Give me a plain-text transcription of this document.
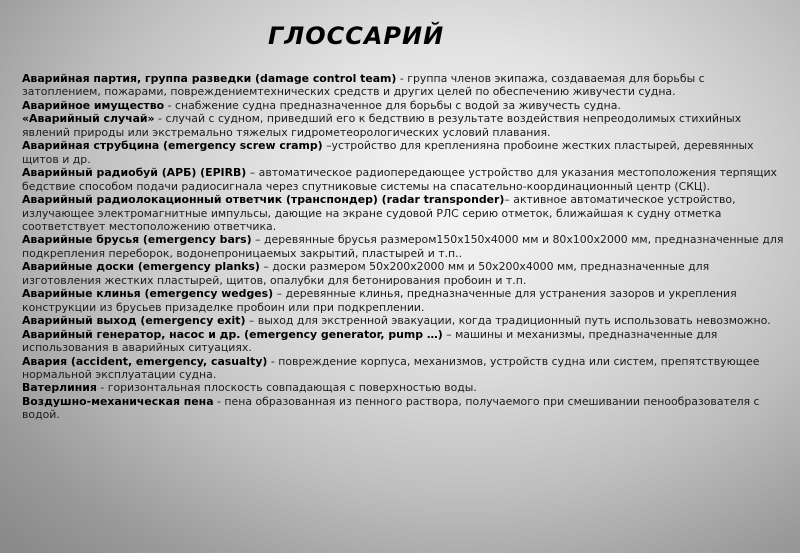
ГЛОССАРИЙ

Аварийная партия, группа разведки (damage control team) - группа членов экипажа, создаваемая для борьбы с затоплением, пожарами, повреждениемтехнических средств и других целей по обеспечению живучести судна.

Аварийное имущество - снабжение судна предназначенное для борьбы с водой за живучесть судна.

«Аварийный случай» - случай с судном, приведший его к бедствию в результате воздействия непреодолимых стихийных явлений природы или экстремально тяжелых гидрометеорологических условий плавания.

Аварийная струбцина (emergency screw cramp) –устройство для крепленияна пробоине жестких пластырей, деревянных щитов и др.

Аварийный радиобуй (АРБ) (EPIRB) – автоматическое радиопередающее устройство для указания местоположения терпящих бедствие способом подачи радиосигнала через спутниковые системы на спасательно-координационный центр (СКЦ).

Аварийный радиолокационный ответчик (транспондер) (radar transponder)– активное автоматическое устройство, излучающее электромагнитные импульсы, дающие на экране судовой РЛС серию отметок, ближайшая к судну отметка соответствует местоположению ответчика.

Аварийные брусья (emergency bars) – деревянные брусья размером150х150х4000 мм и 80х100х2000 мм, предназначенные для подкрепления переборок, водонепроницаемых закрытий, пластырей и т.п..

Аварийные доски (emergency planks) – доски размером 50х200х2000 мм и 50х200х4000 мм, предназначенные для изготовления жестких пластырей, щитов, опалубки для бетонирования пробоин и т.п.

Аварийные клинья (emergency wedges) – деревянные клинья, предназначенные для устранения зазоров и укрепления конструкции из брусьев призаделке пробоин или при подкреплении.

Аварийный выход (emergency exit) – выход для экстренной эвакуации, когда традиционный путь использовать невозможно.

Аварийный генератор, насос и др. (emergency generator, pump …) – машины и механизмы, предназначенные для использования в аварийных ситуациях.

Авария (accident, emergency, casualty) - повреждение корпуса, механизмов, устройств судна или систем, препятствующее нормальной эксплуатации судна.

Ватерлиния - горизонтальная плоскость совпадающая с поверхностью воды.

Воздушно-механическая пена - пена образованная из пенного раствора, получаемого при смешивании пенообразователя с водой.
